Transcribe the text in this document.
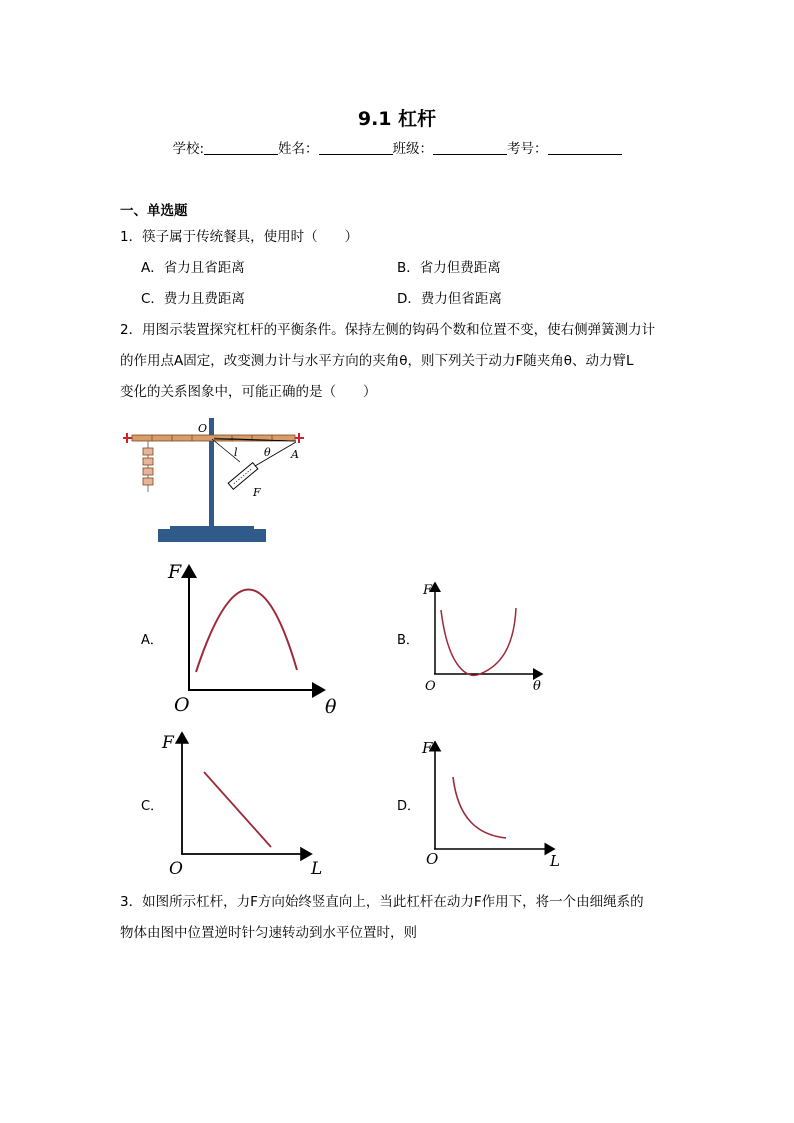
9.1 杠杆
学校:	姓名：	班级：	考号：
一、单选题
1．筷子属于传统餐具，使用时（　　）
A．省力且省距离	B．省力但费距离
C．费力且费距离	D．费力但省距离
2．用图示装置探究杠杆的平衡条件。保持左侧的钩码个数和位置不变，使右侧弹簧测力计
的作用点A固定，改变测力计与水平方向的夹角θ，则下列关于动力F随夹角θ、动力臂L
变化的关系图象中，可能正确的是（　　）
O
l θ A
F
A．
F
O	θ
B．
F
O	θ
C．
F
O	L
D．
F
O	L
3．如图所示杠杆，力F方向始终竖直向上，当此杠杆在动力F作用下，将一个由细绳系的
物体由图中位置逆时针匀速转动到水平位置时，则
